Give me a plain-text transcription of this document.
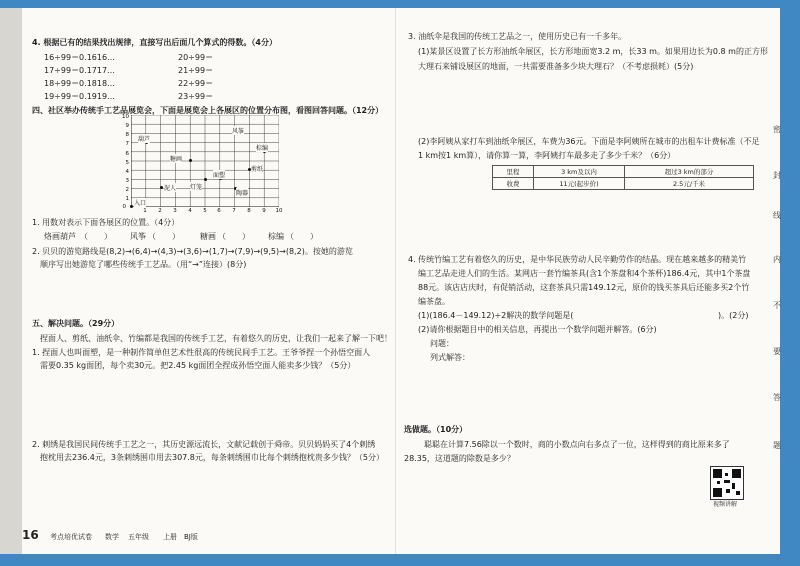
4. 根据已有的结果找出规律，直接写出后面几个算式的得数。（4分）
16÷99＝0.1616…	20÷99＝
17÷99＝0.1717…	21÷99＝
18÷99＝0.1818…	22÷99＝
19÷99＝0.1919…	23÷99＝
四、社区举办传统手工艺品展览会，下面是展览会上各展区的位置分布图，看图回答问题。（12分）
10
9
8
7
6
5
4
3
2
1
0
1	2	3	4	5	6	7	8	9	10
葫芦
风筝
糖画
棕编
剪纸
面塑
灯笼
陶器
入口
1. 用数对表示下面各展区的位置。（4分）
烙画葫芦 （　　） 风筝 （　　）	糖画 （　　） 棕编 （　　）
2. 贝贝的游览路线是(8,2)→(6,4)→(4,3)→(3,6)→(1,7)→(7,9)→(9,5)→(8,2)。按她的游览
顺序写出她游览了哪些传统手工艺品。（用“→”连接）(8分)
五、解决问题。（29分）
捏面人、剪纸、油纸伞、竹编都是我国的传统手工艺，有着悠久的历史，让我们一起来了解一下吧！
1. 捏面人也叫面塑，是一种制作简单但艺术性很高的传统民间手工艺。王爷爷捏一个孙悟空面人
需要0.35 kg面团，每个卖30元。把2.45 kg面团全捏成孙悟空面人能卖多少钱？（5分）
2. 刺绣是我国民间传统手工艺之一，其历史源远流长，文献记载创于舜帝。贝贝妈妈买了4个刺绣
抱枕用去236.4元，3条刺绣围巾用去307.8元，每条刺绣围巾比每个刺绣抱枕贵多少钱？（5分）
16 考点培优试卷 数学 五年级 上册 BJ版
3. 油纸伞是我国的传统工艺品之一，使用历史已有一千多年。
(1)某景区设置了长方形油纸伞展区，长方形地面宽3.2 m，长33 m。如果用边长为0.8 m的正方形
大理石来铺设展区的地面，一共需要准备多少块大理石？（不考虑损耗）(5分)
(2)李阿姨从家打车到油纸伞展区，车费为36元。下面是李阿姨所在城市的出租车计费标准（不足
1 km按1 km算），请你算一算，李阿姨打车最多走了多少千米？（6分）
里程	3 km及以内	超过3 km的部分
收费	11元(起步价)	2.5元/千米
4. 传统竹编工艺有着悠久的历史，是中华民族劳动人民辛勤劳作的结晶。现在越来越多的精美竹
编工艺品走进人们的生活。某网店一套竹编茶具(含1个茶盘和4个茶杯)186.4元，其中1个茶盘
88元。该店店庆时，有促销活动，这套茶具只需149.12元，原价的钱买茶具后还能多买2个竹
编茶盘。
(1)(186.4－149.12)÷2解决的数学问题是(	)。(2分)
(2)请你根据题目中的相关信息，再提出一个数学问题并解答。(6分)
问题：
列式解答：
选做题。（10分）
聪聪在计算7.56除以一个数时，商的小数点向右多点了一位，这样得到的商比原来多了
28.35，这道题的除数是多少？
视频讲解
密
封
线
内
不
要
答
题
泥人
